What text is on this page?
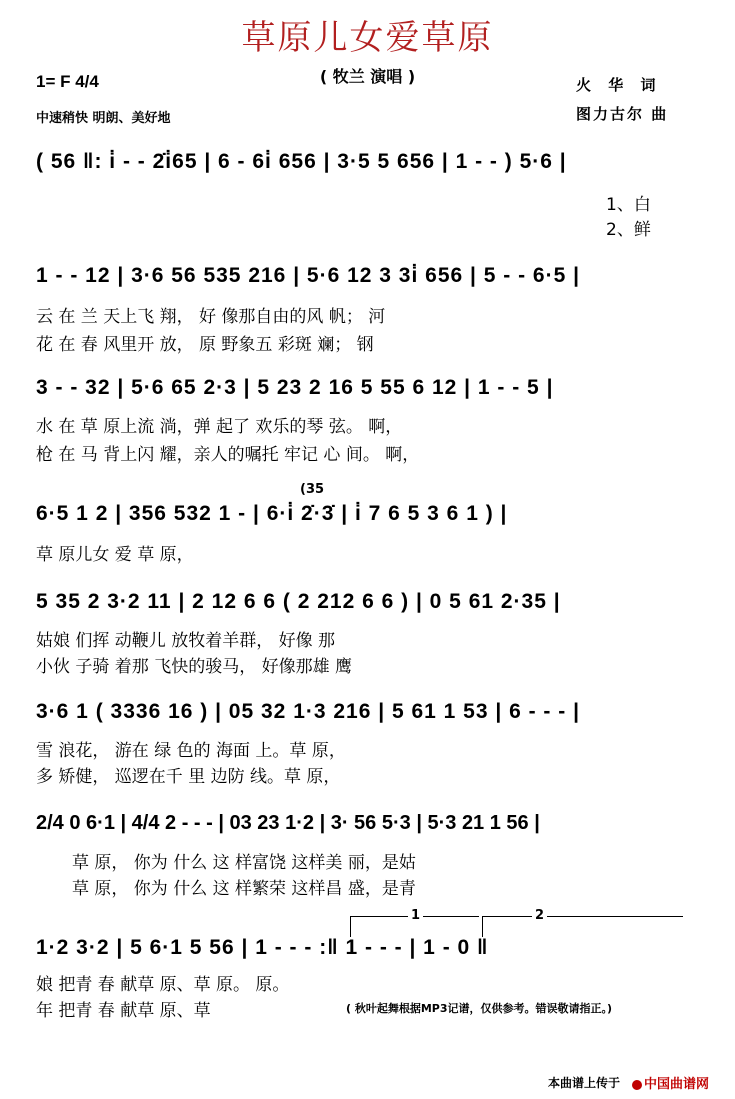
草原儿女爱草原
( 牧兰 演唱 )
1= F 4/4
中速稍快 明朗、美好地
火 华 词
图力古尔 曲
( 56 ‖: i̇ - - 2̇i̇65 | 6 - 6i̇ 656 | 3·5 5 656 | 1 - - ) 5·6 |
1、白
2、鲜
1 - - 12 | 3·6 56 535 216 | 5·6 12 3 3i̇ 656 | 5 - - 6·5 |
云 在 兰 天上飞 翔， 好 像那自由的风 帆； 河
花 在 春 风里开 放， 原 野象五 彩斑 斓； 钢
3 - - 32 | 5·6 65 2·3 | 5 23 2 16 5 55 6 12 | 1 - - 5 |
水 在 草 原上流 淌，弹 起了 欢乐的琴 弦。 啊，
枪 在 马 背上闪 耀，亲人的嘱托 牢记 心 间。 啊，
(35
6·5 1 2 | 356 532 1 - | 6·i̇ 2̇·3̇ | i̇ 7 6 5 3 6 1 ) |
草 原儿女 爱 草 原，
5 35 2 3·2 11 | 2 12 6 6 ( 2 212 6 6 ) | 0 5 61 2·35 |
姑娘 们挥 动鞭儿 放牧着羊群， 好像 那
小伙 子骑 着那 飞快的骏马， 好像那雄 鹰
3·6 1 ( 3336 16 ) | 05 32 1·3 216 | 5 61 1 53 | 6 - - - |
雪 浪花， 游在 绿 色的 海面 上。草 原，
多 矫健， 巡逻在千 里 边防 线。草 原，
2/4 0 6·1 | 4/4 2 - - - | 03 23 1·2 | 3· 56 5·3 | 5·3 21 1 56 |
草 原， 你为 什么 这 样富饶 这样美 丽，是姑
草 原， 你为 什么 这 样繁荣 这样昌 盛，是青
1	2
1·2 3·2 | 5 6·1 5 56 | 1 - - - :‖ 1 - - - | 1 - 0 ‖
娘 把青 春 献草 原、草 原。 原。
年 把青 春 献草 原、草	( 秋叶起舞根据MP3记谱，仅供参考。错误敬请指正。)
本曲谱上传于	中国曲谱网
